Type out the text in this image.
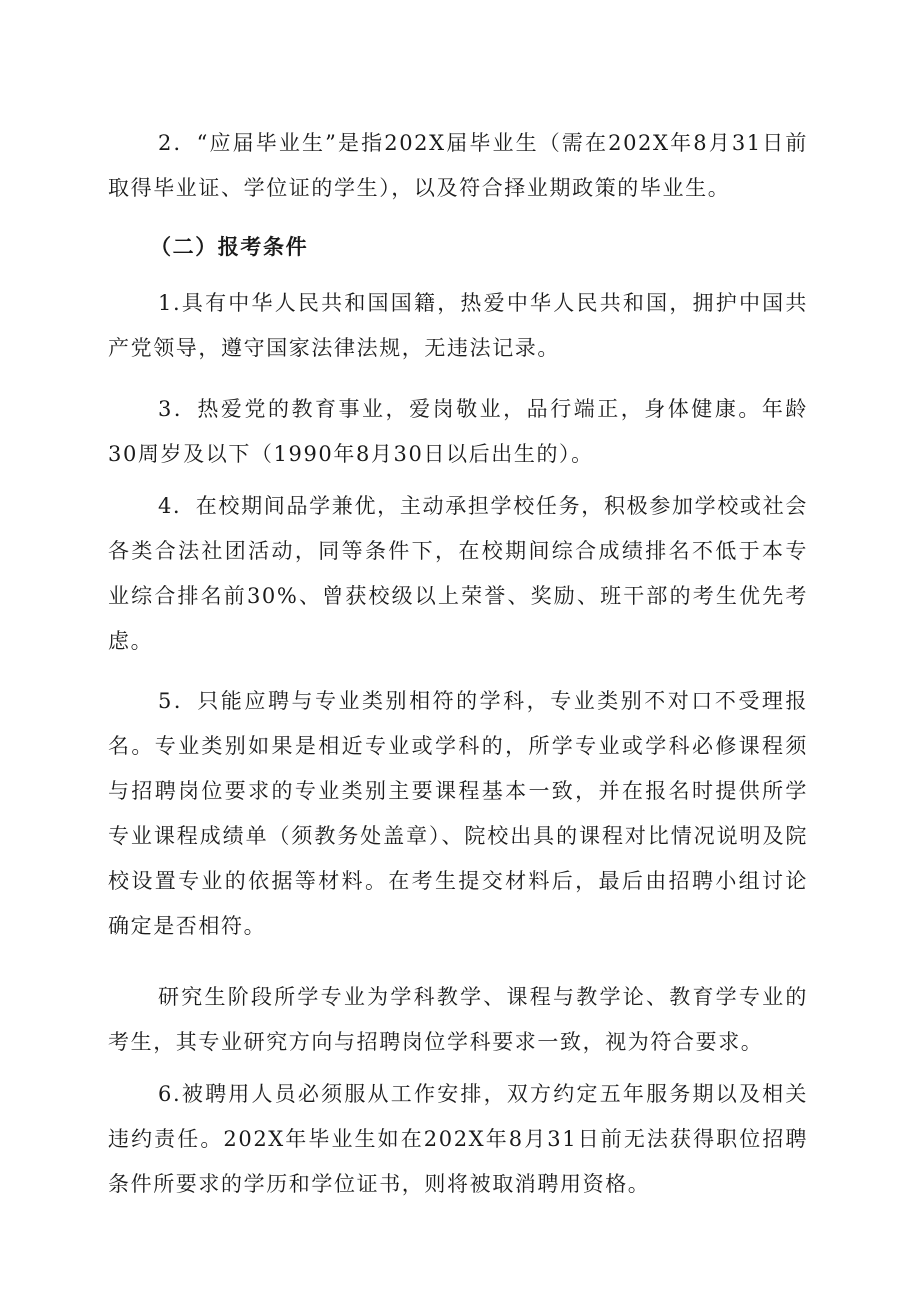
2．“应届毕业生”是指202X届毕业生（需在202X年8月31日前取得毕业证、学位证的学生），以及符合择业期政策的毕业生。

（二）报考条件

1.具有中华人民共和国国籍，热爱中华人民共和国，拥护中国共产党领导，遵守国家法律法规，无违法记录。

3．热爱党的教育事业，爱岗敬业，品行端正，身体健康。年龄30周岁及以下（1990年8月30日以后出生的）。

4．在校期间品学兼优，主动承担学校任务，积极参加学校或社会各类合法社团活动，同等条件下，在校期间综合成绩排名不低于本专业综合排名前30%、曾获校级以上荣誉、奖励、班干部的考生优先考虑。

5．只能应聘与专业类别相符的学科，专业类别不对口不受理报名。专业类别如果是相近专业或学科的，所学专业或学科必修课程须与招聘岗位要求的专业类别主要课程基本一致，并在报名时提供所学专业课程成绩单（须教务处盖章）、院校出具的课程对比情况说明及院校设置专业的依据等材料。在考生提交材料后，最后由招聘小组讨论确定是否相符。

研究生阶段所学专业为学科教学、课程与教学论、教育学专业的考生，其专业研究方向与招聘岗位学科要求一致，视为符合要求。

6.被聘用人员必须服从工作安排，双方约定五年服务期以及相关违约责任。202X年毕业生如在202X年8月31日前无法获得职位招聘条件所要求的学历和学位证书，则将被取消聘用资格。
